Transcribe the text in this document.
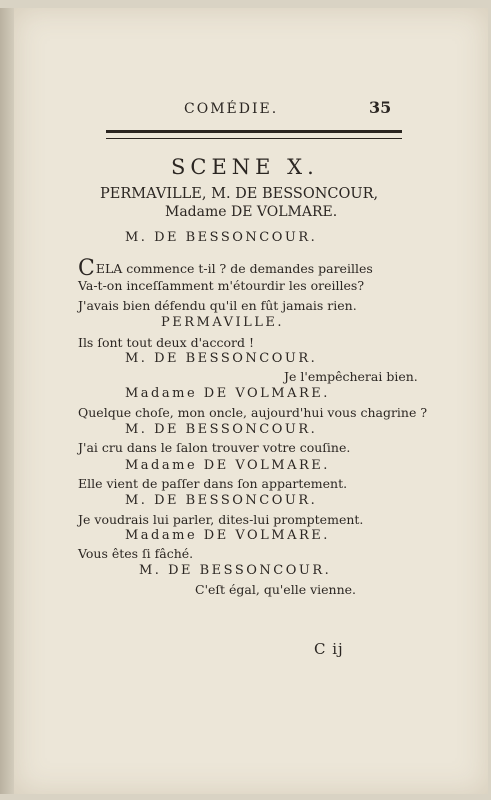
COMÉDIE.	35
SCENE X.
PERMAVILLE, M. DE BESSONCOUR,
Madame DE VOLMARE.
M. DE BESSONCOUR.
CELA commence t-il ? de demandes pareilles
Va-t-on inceſſamment m'étourdir les oreilles?
J'avais bien défendu qu'il en fût jamais rien.
PERMAVILLE.
Ils ſont tout deux d'accord !
M. DE BESSONCOUR.
Je l'empêcherai bien.
Madame DE VOLMARE.
Quelque choſe, mon oncle, aujourd'hui vous chagrine ?
M. DE BESSONCOUR.
J'ai cru dans le ſalon trouver votre couſine.
Madame DE VOLMARE.
Elle vient de paſſer dans ſon appartement.
M. DE BESSONCOUR.
Je voudrais lui parler, dites-lui promptement.
Madame DE VOLMARE.
Vous êtes ſi fâché.
M. DE BESSONCOUR.
C'eſt égal, qu'elle vienne.
C ij
